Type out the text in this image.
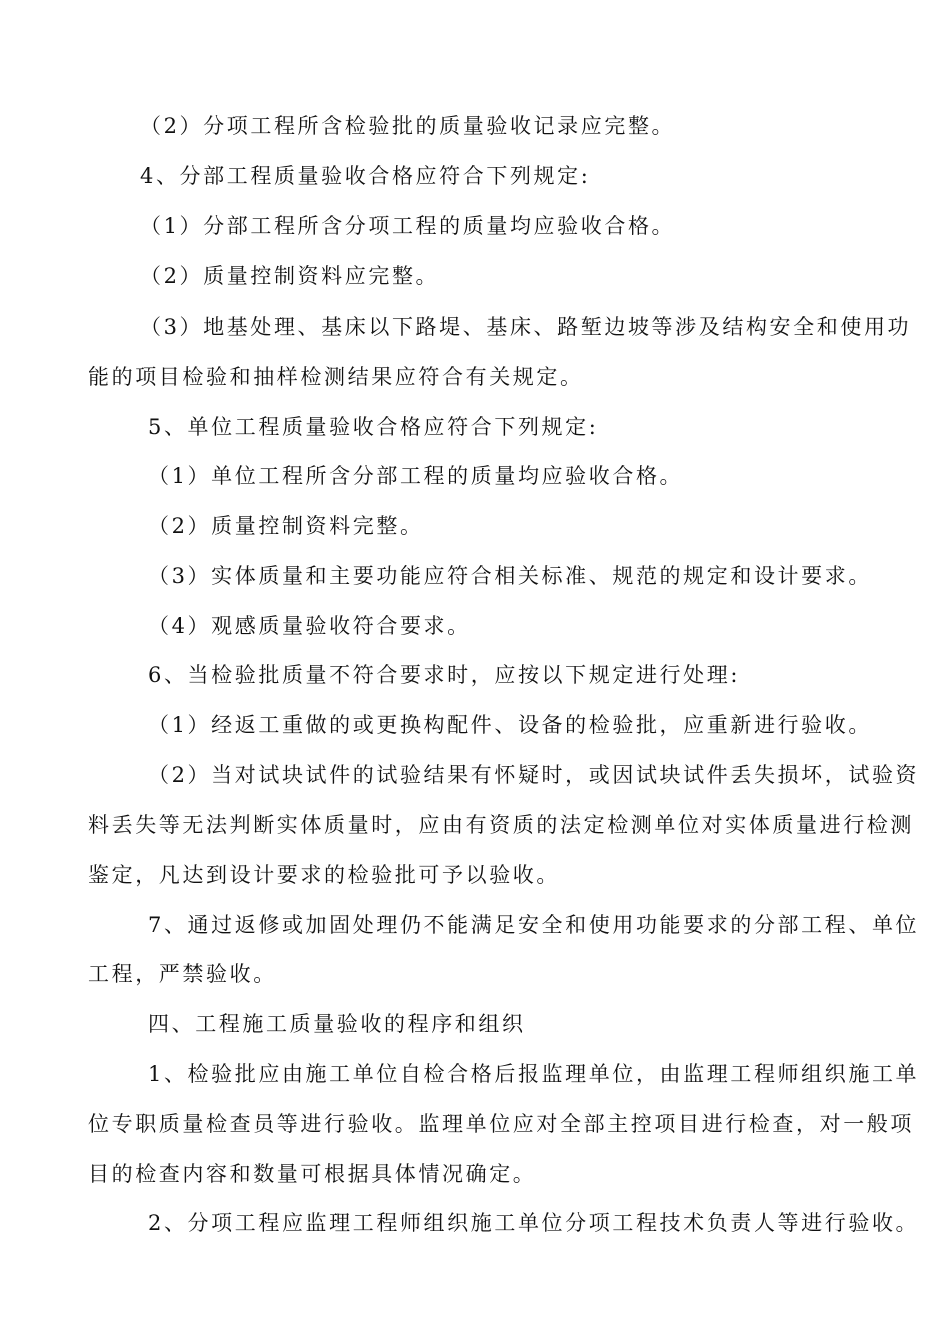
（2）分项工程所含检验批的质量验收记录应完整。
4、分部工程质量验收合格应符合下列规定:
（1）分部工程所含分项工程的质量均应验收合格。
（2）质量控制资料应完整。
（3）地基处理、基床以下路堤、基床、路堑边坡等涉及结构安全和使用功
能的项目检验和抽样检测结果应符合有关规定。
5、单位工程质量验收合格应符合下列规定:
（1）单位工程所含分部工程的质量均应验收合格。
（2）质量控制资料完整。
（3）实体质量和主要功能应符合相关标准、规范的规定和设计要求。
（4）观感质量验收符合要求。
6、当检验批质量不符合要求时，应按以下规定进行处理:
（1）经返工重做的或更换构配件、设备的检验批，应重新进行验收。
（2）当对试块试件的试验结果有怀疑时，或因试块试件丢失损坏，试验资
料丢失等无法判断实体质量时，应由有资质的法定检测单位对实体质量进行检测
鉴定，凡达到设计要求的检验批可予以验收。
7、通过返修或加固处理仍不能满足安全和使用功能要求的分部工程、单位
工程，严禁验收。
四、工程施工质量验收的程序和组织
1、检验批应由施工单位自检合格后报监理单位，由监理工程师组织施工单
位专职质量检查员等进行验收。监理单位应对全部主控项目进行检查，对一般项
目的检查内容和数量可根据具体情况确定。
2、分项工程应监理工程师组织施工单位分项工程技术负责人等进行验收。
